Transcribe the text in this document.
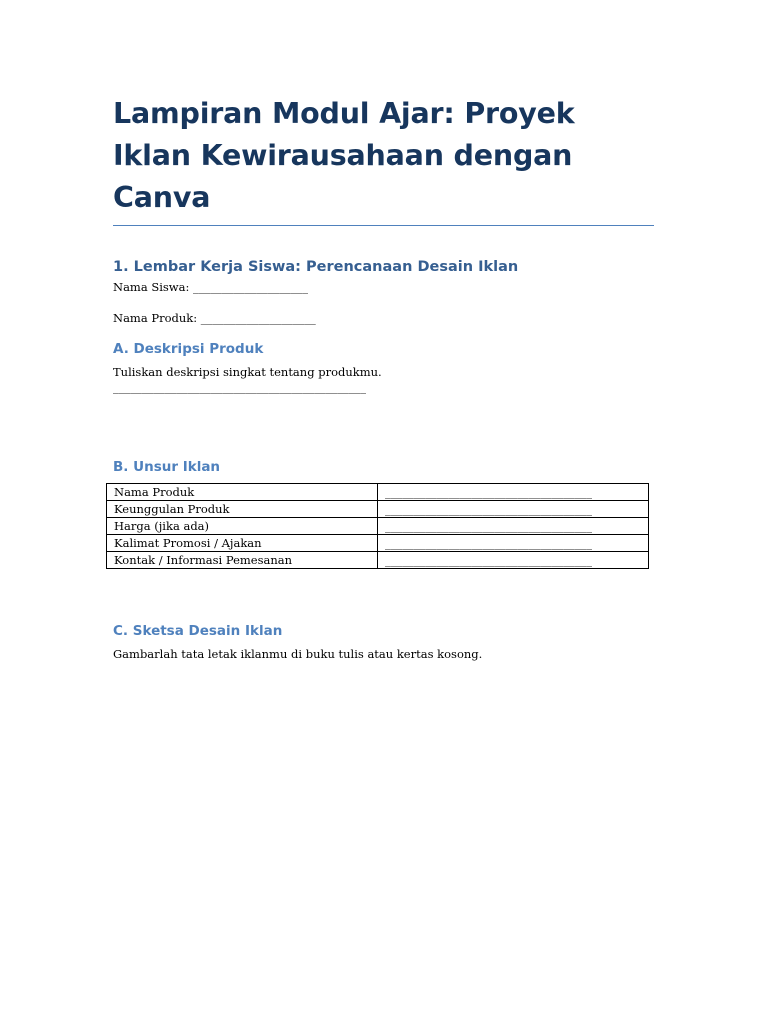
Lampiran Modul Ajar: Proyek Iklan Kewirausahaan dengan Canva
1. Lembar Kerja Siswa: Perencanaan Desain Iklan

Nama Siswa: ____________________

Nama Produk: ____________________

A. Deskripsi Produk

Tuliskan deskripsi singkat tentang produkmu.

____________________________________________

B. Unsur Iklan
Nama Produk	____________________________________
Keunggulan Produk	____________________________________
Harga (jika ada)	____________________________________
Kalimat Promosi / Ajakan	____________________________________
Kontak / Informasi Pemesanan	____________________________________
C. Sketsa Desain Iklan

Gambarlah tata letak iklanmu di buku tulis atau kertas kosong.
